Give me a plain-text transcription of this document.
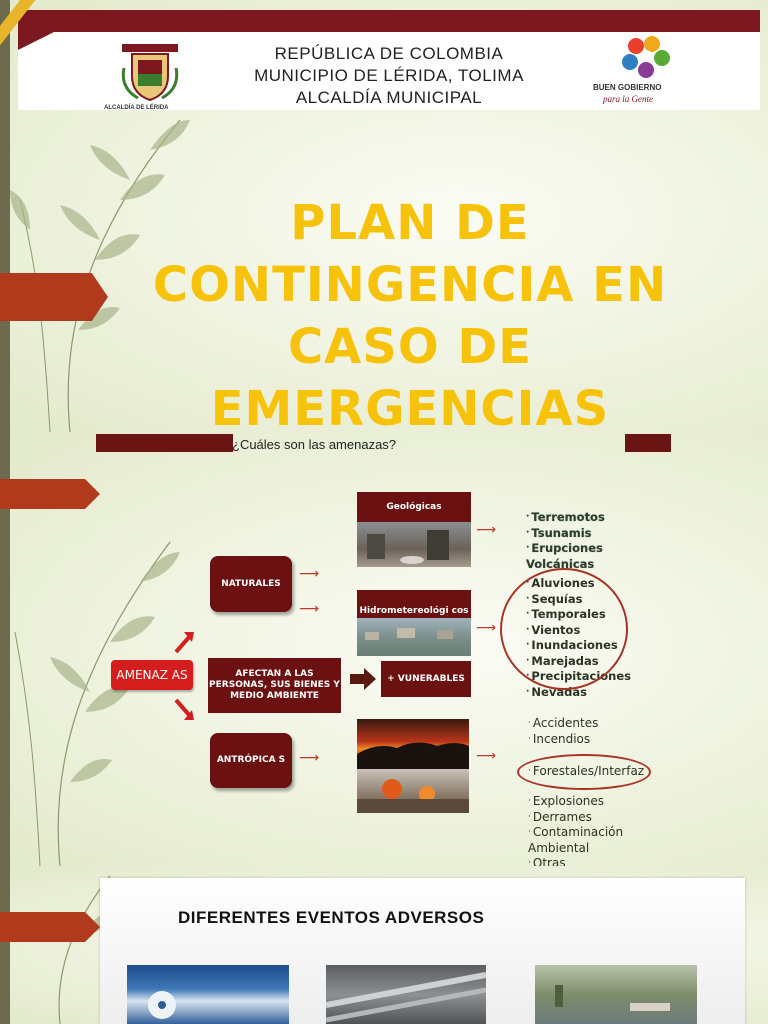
ALCALDÍA DE LÉRIDA
REPÚBLICA DE COLOMBIA
MUNICIPIO DE LÉRIDA, TOLIMA
ALCALDÍA MUNICIPAL
BUEN GOBIERNO
para la Gente
PLAN DE
CONTINGENCIA EN
CASO DE
EMERGENCIAS
¿Cuáles son las amenazas?
AMENAZ AS
NATURALES
AFECTAN A LAS PERSONAS, SUS BIENES Y MEDIO AMBIENTE
+ VUNERABLES
ANTRÓPICA S
⟶
⟶
⟶
⟶
⟶
⟶
Geológicas
Hidrometereológi cos
· Terremotos
· Tsunamis
· Erupciones Volcánicas
· Aluviones
· Sequías
· Temporales
· Vientos
· Inundaciones
· Marejadas
· Precipitaciones
· Nevadas
· Accidentes
· Incendios
· Forestales/Interfaz
· Explosiones
· Derrames
· Contaminación Ambiental
· Otras
DIFERENTES EVENTOS ADVERSOS
